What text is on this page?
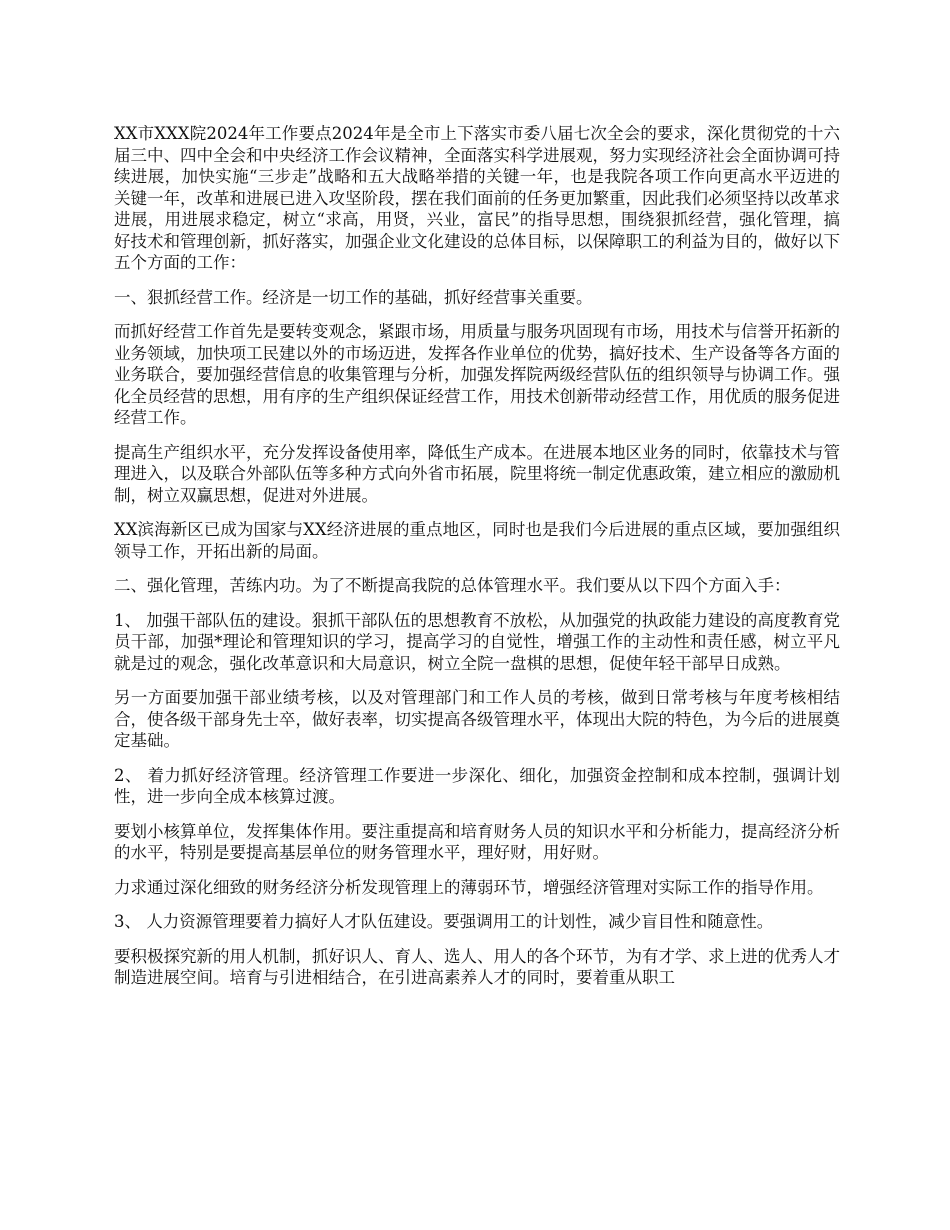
XX市XXX院2024年工作要点2024年是全市上下落实市委八届七次全会的要求，深化贯彻党的十六届三中、四中全会和中央经济工作会议精神，全面落实科学进展观，努力实现经济社会全面协调可持续进展，加快实施“三步走”战略和五大战略举措的关键一年，也是我院各项工作向更高水平迈进的关键一年，改革和进展已进入攻坚阶段，摆在我们面前的任务更加繁重，因此我们必须坚持以改革求进展，用进展求稳定，树立“求高，用贤，兴业，富民”的指导思想，围绕狠抓经营，强化管理，搞好技术和管理创新，抓好落实，加强企业文化建设的总体目标，以保障职工的利益为目的，做好以下五个方面的工作：

一、狠抓经营工作。经济是一切工作的基础，抓好经营事关重要。

而抓好经营工作首先是要转变观念，紧跟市场，用质量与服务巩固现有市场，用技术与信誉开拓新的业务领域，加快项工民建以外的市场迈进，发挥各作业单位的优势，搞好技术、生产设备等各方面的业务联合，要加强经营信息的收集管理与分析，加强发挥院两级经营队伍的组织领导与协调工作。强化全员经营的思想，用有序的生产组织保证经营工作，用技术创新带动经营工作，用优质的服务促进经营工作。

提高生产组织水平，充分发挥设备使用率，降低生产成本。在进展本地区业务的同时，依靠技术与管理进入，以及联合外部队伍等多种方式向外省市拓展，院里将统一制定优惠政策，建立相应的激励机制，树立双赢思想，促进对外进展。

XX滨海新区已成为国家与XX经济进展的重点地区，同时也是我们今后进展的重点区域，要加强组织领导工作，开拓出新的局面。

二、强化管理，苦练内功。为了不断提高我院的总体管理水平。我们要从以下四个方面入手：

1、 加强干部队伍的建设。狠抓干部队伍的思想教育不放松，从加强党的执政能力建设的高度教育党员干部，加强*理论和管理知识的学习，提高学习的自觉性，增强工作的主动性和责任感，树立平凡就是过的观念，强化改革意识和大局意识，树立全院一盘棋的思想，促使年轻干部早日成熟。

另一方面要加强干部业绩考核，以及对管理部门和工作人员的考核，做到日常考核与年度考核相结合，使各级干部身先士卒，做好表率，切实提高各级管理水平，体现出大院的特色，为今后的进展奠定基础。

2、 着力抓好经济管理。经济管理工作要进一步深化、细化，加强资金控制和成本控制，强调计划性，进一步向全成本核算过渡。

要划小核算单位，发挥集体作用。要注重提高和培育财务人员的知识水平和分析能力，提高经济分析的水平，特别是要提高基层单位的财务管理水平，理好财，用好财。

力求通过深化细致的财务经济分析发现管理上的薄弱环节，增强经济管理对实际工作的指导作用。

3、 人力资源管理要着力搞好人才队伍建设。要强调用工的计划性，减少盲目性和随意性。

要积极探究新的用人机制，抓好识人、育人、选人、用人的各个环节，为有才学、求上进的优秀人才制造进展空间。培育与引进相结合，在引进高素养人才的同时，要着重从职工
